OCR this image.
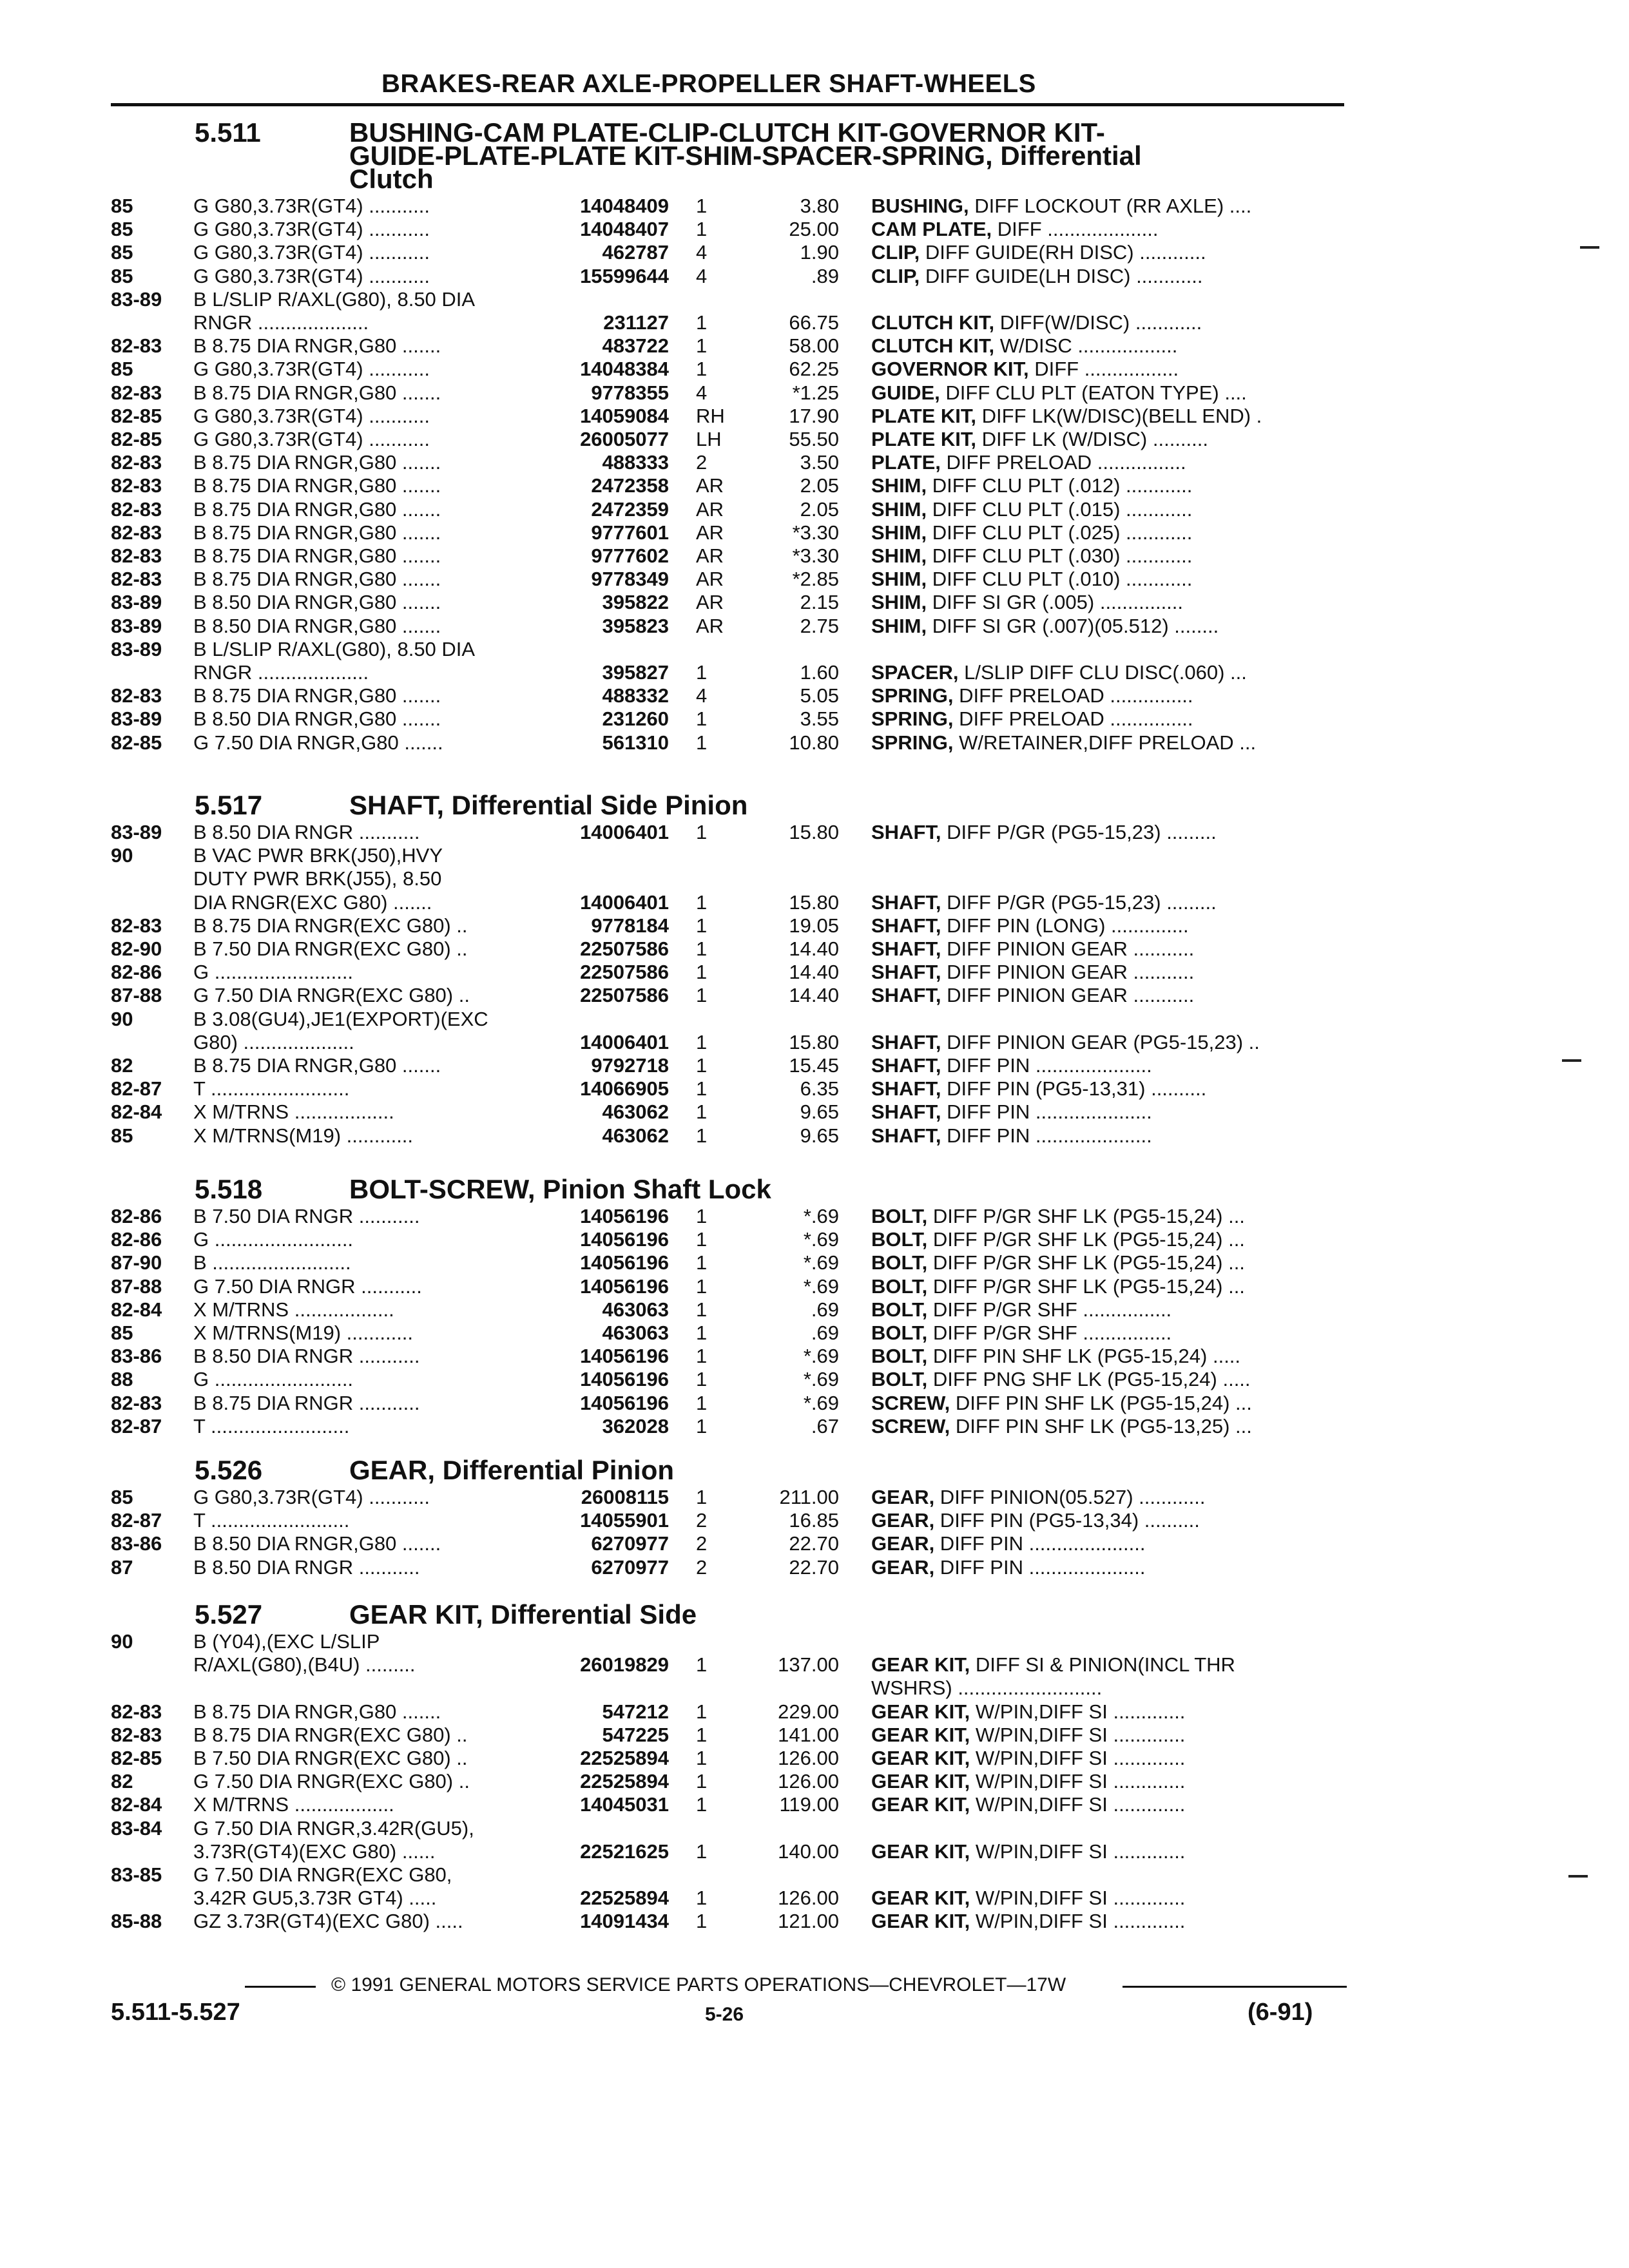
BRAKES-REAR AXLE-PROPELLER SHAFT-WHEELS
5.511	BUSHING-CAM PLATE-CLIP-CLUTCH KIT-GOVERNOR KIT-
GUIDE-PLATE-PLATE KIT-SHIM-SPACER-SPRING, Differential
Clutch
85	G G80,3.73R(GT4) ...........	14048409 1	3.80 BUSHING, DIFF LOCKOUT (RR AXLE) ....
85	G G80,3.73R(GT4) ...........	14048407 1	25.00 CAM PLATE, DIFF ....................
85	G G80,3.73R(GT4) ...........	462787 4	1.90 CLIP, DIFF GUIDE(RH DISC) ............
85	G G80,3.73R(GT4) ...........	15599644 4	.89 CLIP, DIFF GUIDE(LH DISC) ............
83-89 B L/SLIP R/AXL(G80), 8.50 DIA
RNGR ....................	231127 1	66.75 CLUTCH KIT, DIFF(W/DISC) ............
82-83 B 8.75 DIA RNGR,G80 .......	483722 1	58.00 CLUTCH KIT, W/DISC ..................
85	G G80,3.73R(GT4) ...........	14048384 1	62.25 GOVERNOR KIT, DIFF .................
82-83 B 8.75 DIA RNGR,G80 .......	9778355 4	*1.25 GUIDE, DIFF CLU PLT (EATON TYPE) ....
82-85 G G80,3.73R(GT4) ...........	14059084 RH	17.90 PLATE KIT, DIFF LK(W/DISC)(BELL END) .
82-85 G G80,3.73R(GT4) ...........	26005077 LH	55.50 PLATE KIT, DIFF LK (W/DISC) ..........
82-83 B 8.75 DIA RNGR,G80 .......	488333 2	3.50 PLATE, DIFF PRELOAD ................
82-83 B 8.75 DIA RNGR,G80 .......	2472358 AR	2.05 SHIM, DIFF CLU PLT (.012) ............
82-83 B 8.75 DIA RNGR,G80 .......	2472359 AR	2.05 SHIM, DIFF CLU PLT (.015) ............
82-83 B 8.75 DIA RNGR,G80 .......	9777601 AR	*3.30 SHIM, DIFF CLU PLT (.025) ............
82-83 B 8.75 DIA RNGR,G80 .......	9777602 AR	*3.30 SHIM, DIFF CLU PLT (.030) ............
82-83 B 8.75 DIA RNGR,G80 .......	9778349 AR	*2.85 SHIM, DIFF CLU PLT (.010) ............
83-89 B 8.50 DIA RNGR,G80 .......	395822 AR	2.15 SHIM, DIFF SI GR (.005) ...............
83-89 B 8.50 DIA RNGR,G80 .......	395823 AR	2.75 SHIM, DIFF SI GR (.007)(05.512) ........
83-89 B L/SLIP R/AXL(G80), 8.50 DIA
RNGR ....................	395827 1	1.60 SPACER, L/SLIP DIFF CLU DISC(.060) ...
82-83 B 8.75 DIA RNGR,G80 .......	488332 4	5.05 SPRING, DIFF PRELOAD ...............
83-89 B 8.50 DIA RNGR,G80 .......	231260 1	3.55 SPRING, DIFF PRELOAD ...............
82-85 G 7.50 DIA RNGR,G80 .......	561310 1	10.80 SPRING, W/RETAINER,DIFF PRELOAD ...
5.517	SHAFT, Differential Side Pinion
83-89 B 8.50 DIA RNGR ...........	14006401 1	15.80 SHAFT, DIFF P/GR (PG5-15,23) .........
90	B VAC PWR BRK(J50),HVY
DUTY PWR BRK(J55), 8.50
DIA RNGR(EXC G80) .......	14006401 1	15.80 SHAFT, DIFF P/GR (PG5-15,23) .........
82-83 B 8.75 DIA RNGR(EXC G80) ..	9778184 1	19.05 SHAFT, DIFF PIN (LONG) ..............
82-90 B 7.50 DIA RNGR(EXC G80) ..	22507586 1	14.40 SHAFT, DIFF PINION GEAR ...........
82-86 G .........................	22507586 1	14.40 SHAFT, DIFF PINION GEAR ...........
87-88 G 7.50 DIA RNGR(EXC G80) ..	22507586 1	14.40 SHAFT, DIFF PINION GEAR ...........
90	B 3.08(GU4),JE1(EXPORT)(EXC
G80) ....................	14006401 1	15.80 SHAFT, DIFF PINION GEAR (PG5-15,23) ..
82	B 8.75 DIA RNGR,G80 .......	9792718 1	15.45 SHAFT, DIFF PIN .....................
82-87 T .........................	14066905 1	6.35 SHAFT, DIFF PIN (PG5-13,31) ..........
82-84 X M/TRNS ..................	463062 1	9.65 SHAFT, DIFF PIN .....................
85	X M/TRNS(M19) ............	463062 1	9.65 SHAFT, DIFF PIN .....................
5.518	BOLT-SCREW, Pinion Shaft Lock
82-86 B 7.50 DIA RNGR ...........	14056196 1	*.69 BOLT, DIFF P/GR SHF LK (PG5-15,24) ...
82-86 G .........................	14056196 1	*.69 BOLT, DIFF P/GR SHF LK (PG5-15,24) ...
87-90 B .........................	14056196 1	*.69 BOLT, DIFF P/GR SHF LK (PG5-15,24) ...
87-88 G 7.50 DIA RNGR ...........	14056196 1	*.69 BOLT, DIFF P/GR SHF LK (PG5-15,24) ...
82-84 X M/TRNS ..................	463063 1	.69 BOLT, DIFF P/GR SHF ................
85	X M/TRNS(M19) ............	463063 1	.69 BOLT, DIFF P/GR SHF ................
83-86 B 8.50 DIA RNGR ...........	14056196 1	*.69 BOLT, DIFF PIN SHF LK (PG5-15,24) .....
88	G .........................	14056196 1	*.69 BOLT, DIFF PNG SHF LK (PG5-15,24) .....
82-83 B 8.75 DIA RNGR ...........	14056196 1	*.69 SCREW, DIFF PIN SHF LK (PG5-15,24) ...
82-87 T .........................	362028 1	.67 SCREW, DIFF PIN SHF LK (PG5-13,25) ...
5.526	GEAR, Differential Pinion
85	G G80,3.73R(GT4) ...........	26008115 1	211.00 GEAR, DIFF PINION(05.527) ............
82-87 T .........................	14055901 2	16.85 GEAR, DIFF PIN (PG5-13,34) ..........
83-86 B 8.50 DIA RNGR,G80 .......	6270977 2	22.70 GEAR, DIFF PIN .....................
87	B 8.50 DIA RNGR ...........	6270977 2	22.70 GEAR, DIFF PIN .....................
5.527	GEAR KIT, Differential Side
90	B (Y04),(EXC L/SLIP
R/AXL(G80),(B4U) .........	26019829 1	137.00 GEAR KIT, DIFF SI & PINION(INCL THR
WSHRS) ..........................
82-83 B 8.75 DIA RNGR,G80 .......	547212 1	229.00 GEAR KIT, W/PIN,DIFF SI .............
82-83 B 8.75 DIA RNGR(EXC G80) ..	547225 1	141.00 GEAR KIT, W/PIN,DIFF SI .............
82-85 B 7.50 DIA RNGR(EXC G80) ..	22525894 1	126.00 GEAR KIT, W/PIN,DIFF SI .............
82	G 7.50 DIA RNGR(EXC G80) ..	22525894 1	126.00 GEAR KIT, W/PIN,DIFF SI .............
82-84 X M/TRNS ..................	14045031 1	119.00 GEAR KIT, W/PIN,DIFF SI .............
83-84 G 7.50 DIA RNGR,3.42R(GU5),
3.73R(GT4)(EXC G80) ......	22521625 1	140.00 GEAR KIT, W/PIN,DIFF SI .............
83-85 G 7.50 DIA RNGR(EXC G80,
3.42R GU5,3.73R GT4) .....	22525894 1	126.00 GEAR KIT, W/PIN,DIFF SI .............
85-88 GZ 3.73R(GT4)(EXC G80) .....	14091434 1	121.00 GEAR KIT, W/PIN,DIFF SI .............
© 1991 GENERAL MOTORS SERVICE PARTS OPERATIONS—CHEVROLET—17W
5.511-5.527	5-26	(6-91)
